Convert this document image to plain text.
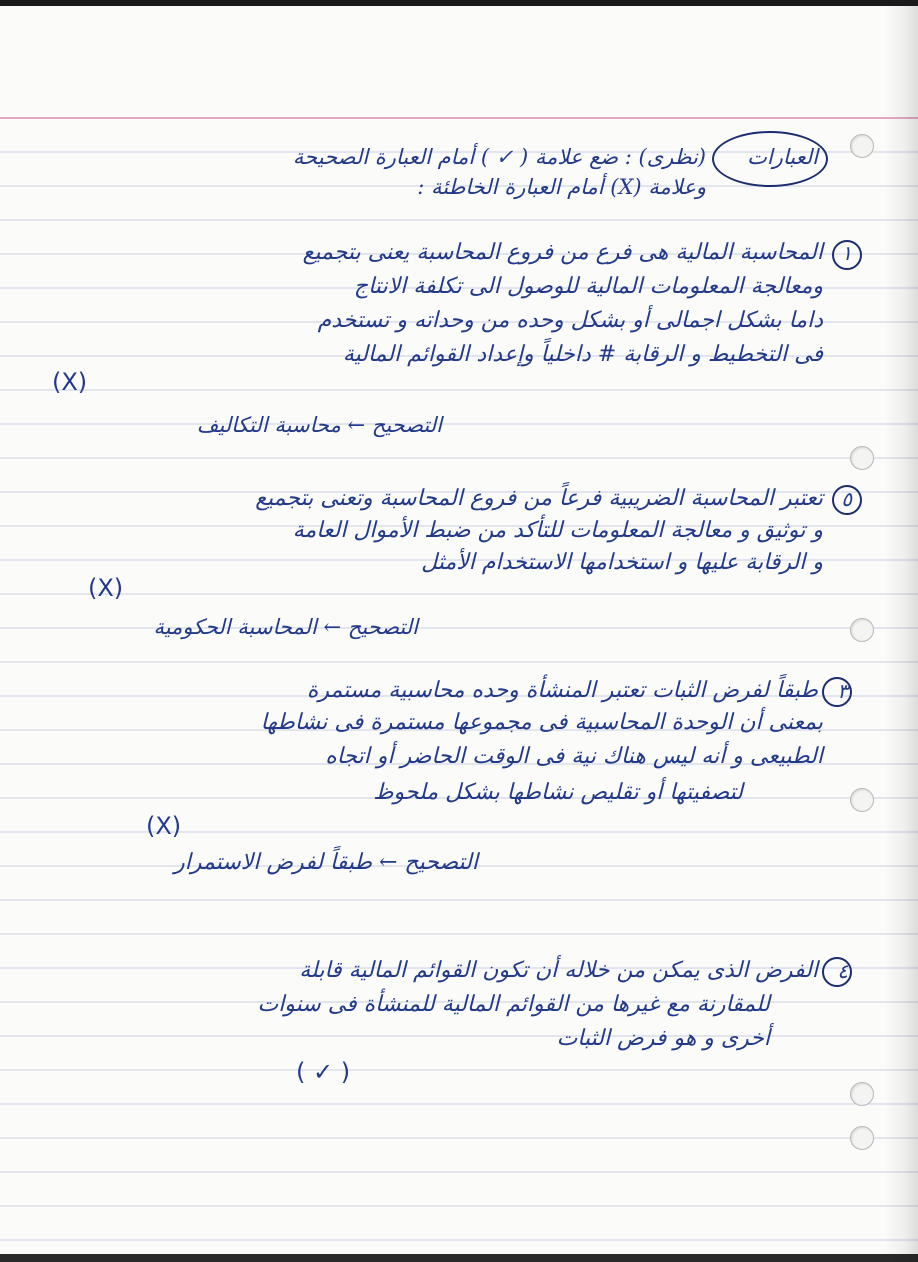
العبارات
(نظرى) : ضع علامة ( ✓ ) أمام العبارة الصحيحة
وعلامة (X) أمام العبارة الخاطئة :
١
المحاسبة المالية هى فرع من فروع المحاسبة يعنى بتجميع
ومعالجة المعلومات المالية للوصول الى تكلفة الانتاج
داما بشكل اجمالى أو بشكل وحده من وحداته و تستخدم
فى التخطيط و الرقابة # داخلياً وإعداد القوائم المالية
(X)
التصحيح ← محاسبة التكاليف
٥
تعتبر المحاسبة الضريبية فرعاً من فروع المحاسبة وتعنى بتجميع
و توثيق و معالجة المعلومات للتأكد من ضبط الأموال العامة
و الرقابة عليها و استخدامها الاستخدام الأمثل
(X)
التصحيح ← المحاسبة الحكومية
٣
طبقاً لفرض الثبات تعتبر المنشأة وحده محاسبية مستمرة
بمعنى أن الوحدة المحاسبية فى مجموعها مستمرة فى نشاطها
الطبيعى و أنه ليس هناك نية فى الوقت الحاضر أو اتجاه
لتصفيتها أو تقليص نشاطها بشكل ملحوظ
(X)
التصحيح ← طبقاً لفرض الاستمرار
٤
الفرض الذى يمكن من خلاله أن تكون القوائم المالية قابلة
للمقارنة مع غيرها من القوائم المالية للمنشأة فى سنوات
أخرى و هو فرض الثبات
( ✓ )
